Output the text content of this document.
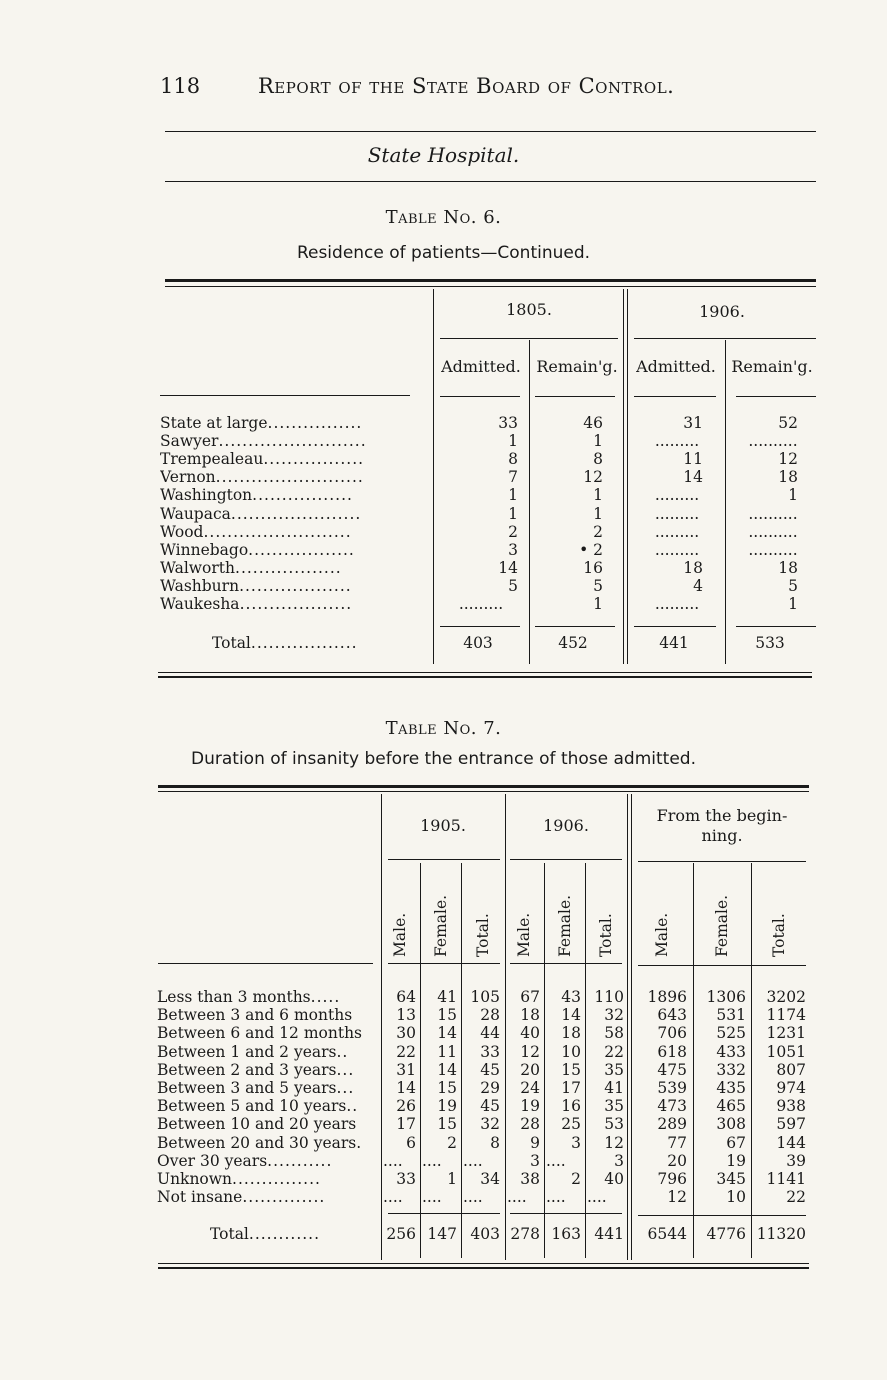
118	Report of the State Board of Control.
State Hospital.
Table No. 6.
Residence of patients—Continued.
1805.	1906.
Admitted. Remain'g.	Admitted. Remain'g.
State at large................	33	46	31	52
Sawyer.........................	1	1	.........	..........
Trempealeau.................	8	8	11	12
Vernon.........................	7	12	14	18
Washington.................	1	1	.........	1
Waupaca......................	1	1	.........	..........
Wood.........................	2	2	.........	..........
Winnebago..................	3	• 2	.........	..........
Walworth..................	14	16	18	18
Washburn...................	5	5	4	5
Waukesha...................	.........	1	.........	1
Total..................	403	452	441	533
Table No. 7.
Duration of insanity before the entrance of those admitted.
1905.	1906.
From the begin-
ning.
Male. Female. Total. Male. Female. Total. Male.	Female.	Total.
Less than 3 months.....	64	41 105	67	43 110	1896	1306	3202
Between 3 and 6 months	13	15	28	18	14	32	643	531	1174
Between 6 and 12 months	30	14	44	40	18	58	706	525	1231
Between 1 and 2 years..	22	11	33	12	10	22	618	433	1051
Between 2 and 3 years...	31	14	45	20	15	35	475	332	807
Between 3 and 5 years...	14	15	29	24	17	41	539	435	974
Between 5 and 10 years..	26	19	45	19	16	35	473	465	938
Between 10 and 20 years	17	15	32	28	25	53	289	308	597
Between 20 and 30 years.	6	2	8	9	3	12	77	67	144
Over 30 years...........	....	....	....	3 ....	3	20	19	39
Unknown...............	33	1	34	38	2	40	796	345	1141
Not insane..............	....	....	....	....	....	....	12	10	22
Total............	256 147 403 278 163 441	6544	4776 11320
